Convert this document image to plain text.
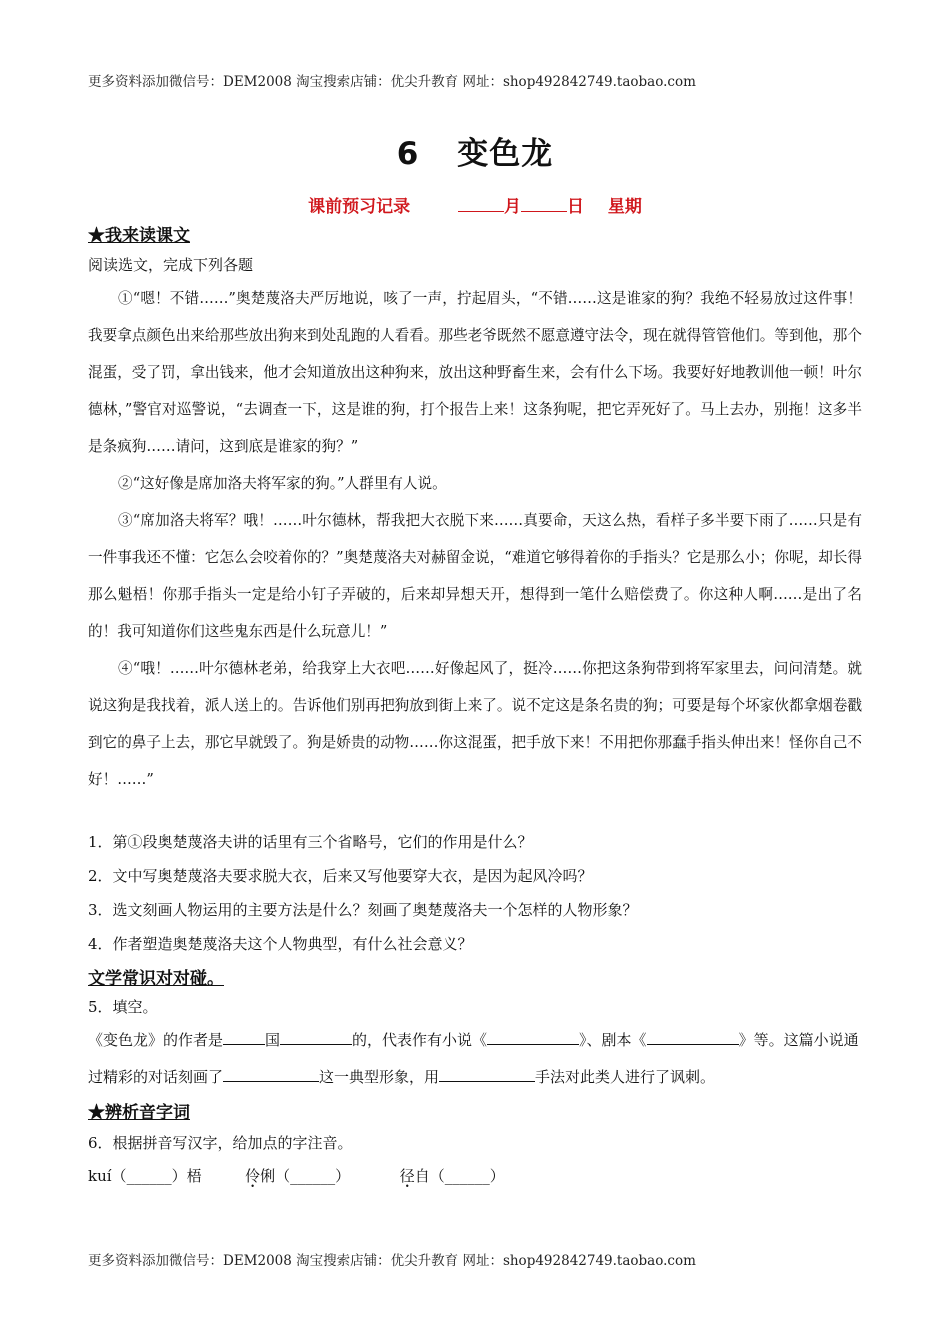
更多资料添加微信号：DEM2008 淘宝搜索店铺：优尖升教育 网址：shop492842749.taobao.com
6 变色龙
课前预习记录	月	日 星期
★我来读课文
阅读选文，完成下列各题

①“嗯！不错……”奥楚蔑洛夫严厉地说，咳了一声，拧起眉头，“不错……这是谁家的狗？我绝不轻易放过这件事！我要拿点颜色出来给那些放出狗来到处乱跑的人看看。那些老爷既然不愿意遵守法令，现在就得管管他们。等到他，那个混蛋，受了罚，拿出钱来，他才会知道放出这种狗来，放出这种野畜生来，会有什么下场。我要好好地教训他一顿！叶尔德林，”警官对巡警说，“去调查一下，这是谁的狗，打个报告上来！这条狗呢，把它弄死好了。马上去办，别拖！这多半是条疯狗……请问，这到底是谁家的狗？”

②“这好像是席加洛夫将军家的狗。”人群里有人说。

③“席加洛夫将军？哦！……叶尔德林，帮我把大衣脱下来……真要命，天这么热，看样子多半要下雨了……只是有一件事我还不懂：它怎么会咬着你的？”奥楚蔑洛夫对赫留金说，“难道它够得着你的手指头？它是那么小；你呢，却长得那么魁梧！你那手指头一定是给小钉子弄破的，后来却异想天开，想得到一笔什么赔偿费了。你这种人啊……是出了名的！我可知道你们这些鬼东西是什么玩意儿！”

④“哦！……叶尔德林老弟，给我穿上大衣吧……好像起风了，挺冷……你把这条狗带到将军家里去，问问清楚。就说这狗是我找着，派人送上的。告诉他们别再把狗放到街上来了。说不定这是条名贵的狗；可要是每个坏家伙都拿烟卷戳到它的鼻子上去，那它早就毁了。狗是娇贵的动物……你这混蛋，把手放下来！不用把你那蠢手指头伸出来！怪你自己不好！……”

1．第①段奥楚蔑洛夫讲的话里有三个省略号，它们的作用是什么？
2．文中写奥楚蔑洛夫要求脱大衣，后来又写他要穿大衣，是因为起风冷吗？
3．选文刻画人物运用的主要方法是什么？刻画了奥楚蔑洛夫一个怎样的人物形象？
4．作者塑造奥楚蔑洛夫这个人物典型，有什么社会意义？
文学常识对对碰。
5．填空。
《变色龙》的作者是	国	的，代表作有小说《	》、剧本《	》等。这篇小说通过精彩的对话刻画了	这一典型形象，用	手法对此类人进行了讽刺。
★辨析音字词
6．根据拼音写汉字，给加点的字注音。
kuí（______）梧	伶俐（______）	径自（______）
更多资料添加微信号：DEM2008 淘宝搜索店铺：优尖升教育 网址：shop492842749.taobao.com
